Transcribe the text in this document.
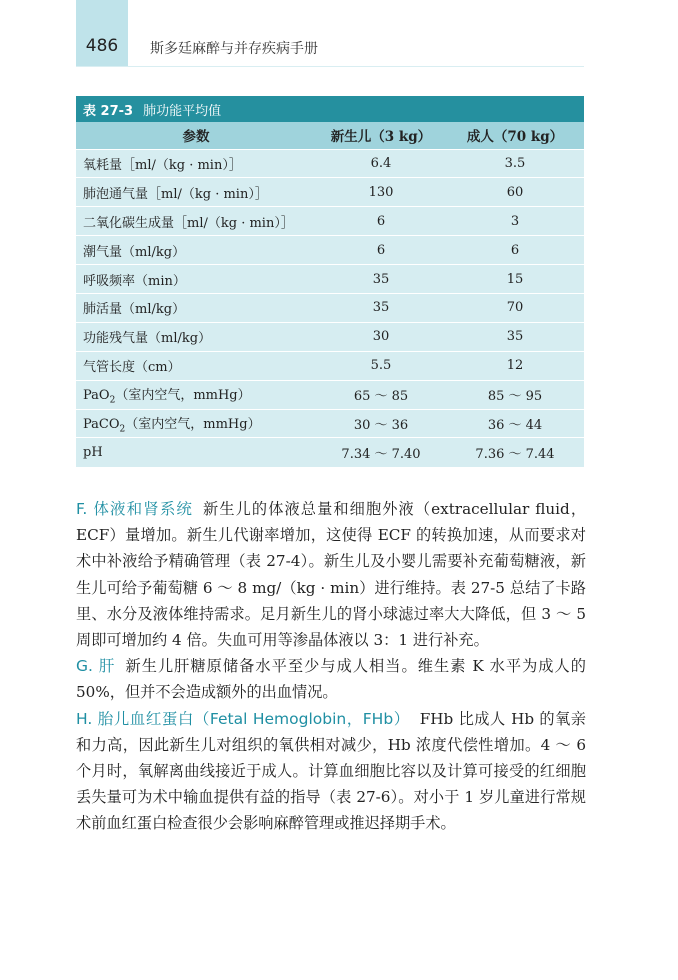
486 斯多廷麻醉与并存疾病手册
表 27-3 肺功能平均值
参数	新生儿（3 kg）	成人（70 kg）
氧耗量［ml/（kg · min）］	6.4	3.5
肺泡通气量［ml/（kg · min）］	130	60
二氧化碳生成量［ml/（kg · min）］	6	3
潮气量（ml/kg）	6	6
呼吸频率（min）	35	15
肺活量（ml/kg）	35	70
功能残气量（ml/kg）	30	35
气管长度（cm）	5.5	12
PaO$_2$（室内空气，mmHg）	65 ～ 85	85 ～ 95
PaCO$_2$（室内空气，mmHg）	30 ～ 36	36 ～ 44
pH	7.34 ～ 7.40	7.36 ～ 7.44

F. 体液和肾系统 新生儿的体液总量和细胞外液（extracellular fluid，ECF）量增加。新生儿代谢率增加，这使得 ECF 的转换加速，从而要求对术中补液给予精确管理（表 27-4）。新生儿及小婴儿需要补充葡萄糖液，新生儿可给予葡萄糖 6 ～ 8 mg/（kg · min）进行维持。表 27-5 总结了卡路里、水分及液体维持需求。足月新生儿的肾小球滤过率大大降低，但 3 ～ 5 周即可增加约 4 倍。失血可用等渗晶体液以 3：1 进行补充。

G. 肝 新生儿肝糖原储备水平至少与成人相当。维生素 K 水平为成人的 50%，但并不会造成额外的出血情况。

H. 胎儿血红蛋白（Fetal Hemoglobin，FHb） FHb 比成人 Hb 的氧亲和力高，因此新生儿对组织的氧供相对减少，Hb 浓度代偿性增加。4 ～ 6 个月时，氧解离曲线接近于成人。计算血细胞比容以及计算可接受的红细胞丢失量可为术中输血提供有益的指导（表 27-6）。对小于 1 岁儿童进行常规术前血红蛋白检查很少会影响麻醉管理或推迟择期手术。
